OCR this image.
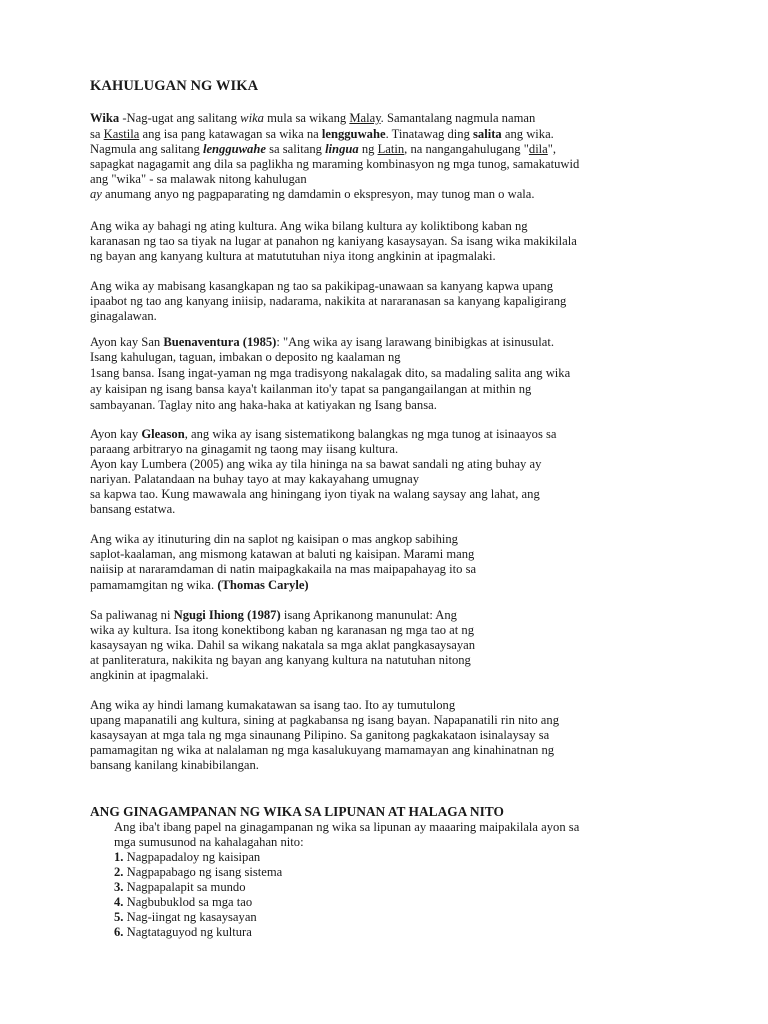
KAHULUGAN NG WIKA
Wika -Nag-ugat ang salitang wika mula sa wikang Malay. Samantalang nagmula naman
sa Kastila ang isa pang katawagan sa wika na lengguwahe. Tinatawag ding salita ang wika.
Nagmula ang salitang lengguwahe sa salitang lingua ng Latin, na nangangahulugang "dila",
sapagkat nagagamit ang dila sa paglikha ng maraming kombinasyon ng mga tunog, samakatuwid
ang "wika" - sa malawak nitong kahulugan
ay anumang anyo ng pagpaparating ng damdamin o ekspresyon, may tunog man o wala.
Ang wika ay bahagi ng ating kultura. Ang wika bilang kultura ay koliktibong kaban ng
karanasan ng tao sa tiyak na lugar at panahon ng kaniyang kasaysayan. Sa isang wika makikilala
ng bayan ang kanyang kultura at matututuhan niya itong angkinin at ipagmalaki.
Ang wika ay mabisang kasangkapan ng tao sa pakikipag-unawaan sa kanyang kapwa upang
ipaabot ng tao ang kanyang iniisip, nadarama, nakikita at nararanasan sa kanyang kapaligirang
ginagalawan.
Ayon kay San Buenaventura (1985): "Ang wika ay isang larawang binibigkas at isinusulat.
Isang kahulugan, taguan, imbakan o deposito ng kaalaman ng
1sang bansa. Isang ingat-yaman ng mga tradisyong nakalagak dito, sa madaling salita ang wika
ay kaisipan ng isang bansa kaya't kailanman ito'y tapat sa pangangailangan at mithin ng
sambayanan. Taglay nito ang haka-haka at katiyakan ng Isang bansa.
Ayon kay Gleason, ang wika ay isang sistematikong balangkas ng mga tunog at isinaayos sa
paraang arbitraryo na ginagamit ng taong may iisang kultura.
Ayon kay Lumbera (2005) ang wika ay tila hininga na sa bawat sandali ng ating buhay ay
nariyan. Palatandaan na buhay tayo at may kakayahang umugnay
sa kapwa tao. Kung mawawala ang hiningang iyon tiyak na walang saysay ang lahat, ang
bansang estatwa.
Ang wika ay itinuturing din na saplot ng kaisipan o mas angkop sabihing
saplot-kaalaman, ang mismong katawan at baluti ng kaisipan. Marami mang
naiisip at nararamdaman di natin maipagkakaila na mas maipapahayag ito sa
pamamamgitan ng wika. (Thomas Caryle)
Sa paliwanag ni Ngugi Ihiong (1987) isang Aprikanong manunulat: Ang
wika ay kultura. Isa itong konektibong kaban ng karanasan ng mga tao at ng
kasaysayan ng wika. Dahil sa wikang nakatala sa mga aklat pangkasaysayan
at panliteratura, nakikita ng bayan ang kanyang kultura na natutuhan nitong
angkinin at ipagmalaki.
Ang wika ay hindi lamang kumakatawan sa isang tao. Ito ay tumutulong
upang mapanatili ang kultura, sining at pagkabansa ng isang bayan. Napapanatili rin nito ang
kasaysayan at mga tala ng mga sinaunang Pilipino. Sa ganitong pagkakataon isinalaysay sa
pamamagitan ng wika at nalalaman ng mga kasalukuyang mamamayan ang kinahinatnan ng
bansang kanilang kinabibilangan.
ANG GINAGAMPANAN NG WIKA SA LIPUNAN AT HALAGA NITO
Ang iba't ibang papel na ginagampanan ng wika sa lipunan ay maaaring maipakilala ayon sa
mga sumusunod na kahalagahan nito:
1. Nagpapadaloy ng kaisipan
2. Nagpapabago ng isang sistema
3. Nagpapalapit sa mundo
4. Nagbubuklod sa mga tao
5. Nag-iingat ng kasaysayan
6. Nagtataguyod ng kultura
